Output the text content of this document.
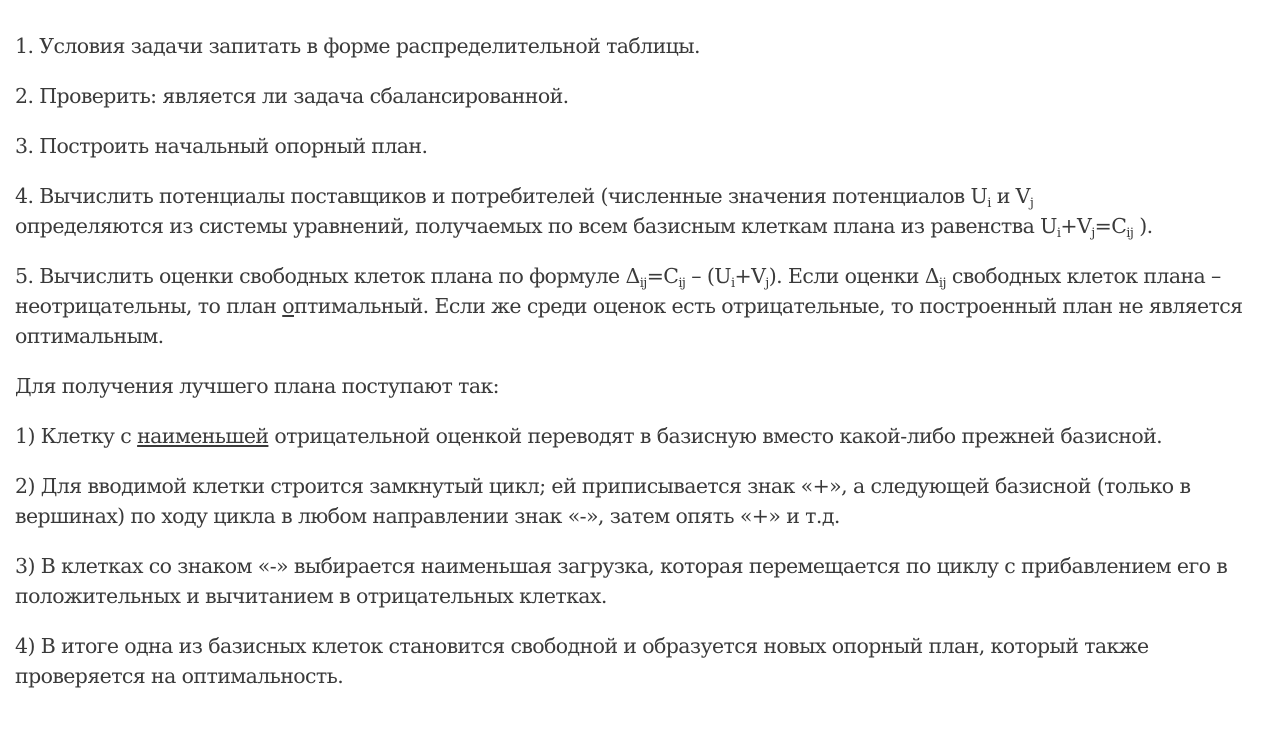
1. Условия задачи запитать в форме распределительной таблицы.

2. Проверить: является ли задача сбалансированной.

3. Построить начальный опорный план.

4. Вычислить потенциалы поставщиков и потребителей (численные значения потенциалов $U_i$ и $V_j$
определяются из системы уравнений, получаемых по всем базисным клеткам плана из равенства $U_i+V_j=C_{ij}$ ).

5. Вычислить оценки свободных клеток плана по формуле $\Delta_{ij}=C_{ij} - (U_i+V_j)$. Если оценки $\Delta_{ij}$ свободных клеток плана – неотрицательны, то план оптимальный. Если же среди оценок есть отрицательные, то построенный план не является оптимальным.

Для получения лучшего плана поступают так:

1) Клетку с наименьшей отрицательной оценкой переводят в базисную вместо какой-либо прежней базисной.

2) Для вводимой клетки строится замкнутый цикл; ей приписывается знак «+», а следующей базисной (только в вершинах) по ходу цикла в любом направлении знак «-», затем опять «+» и т.д.

3) В клетках со знаком «-» выбирается наименьшая загрузка, которая перемещается по циклу с прибавлением его в положительных и вычитанием в отрицательных клетках.

4) В итоге одна из базисных клеток становится свободной и образуется новых опорный план, который также проверяется на оптимальность.
